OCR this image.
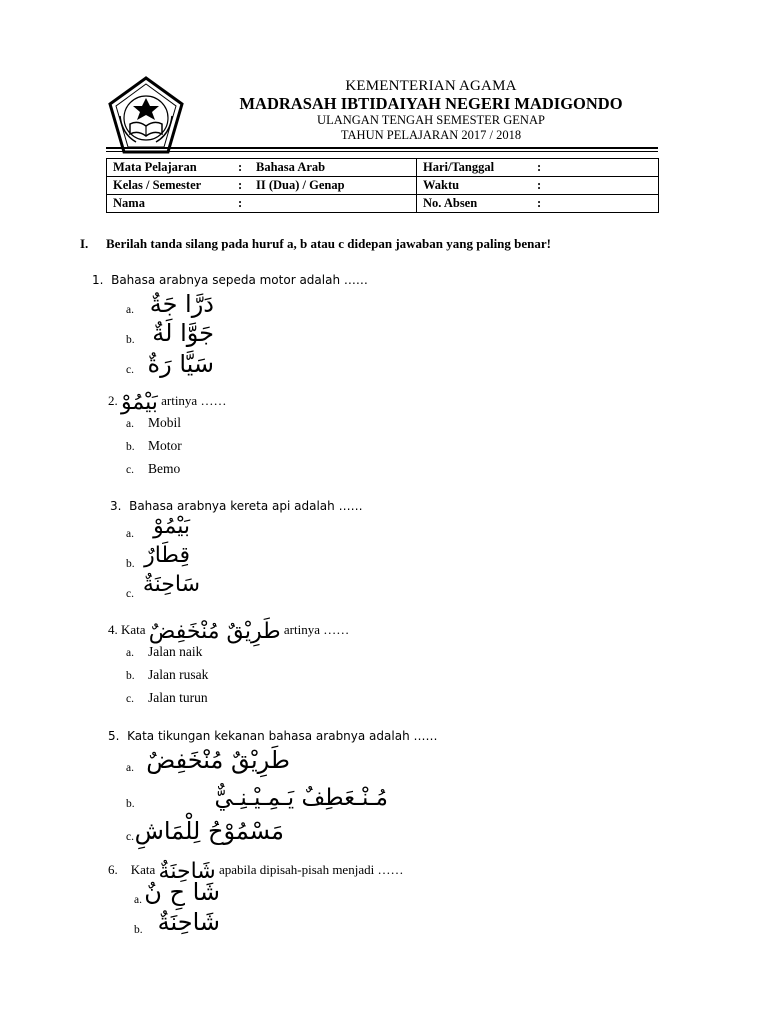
KEMENTERIAN AGAMA
MADRASAH IBTIDAIYAH NEGERI MADIGONDO
ULANGAN TENGAH SEMESTER GENAP
TAHUN PELAJARAN 2017 / 2018
Mata Pelajaran : Bahasa Arab	Hari/Tanggal :

Kelas / Semester : II (Dua) / Genap	Waktu :

Nama :	No. Absen :
I. Berilah tanda silang pada huruf a, b atau c didepan jawaban yang paling benar!
1. Bahasa arabnya sepeda motor adalah ……
a. دَرَّا جَةٌ
b. جَوَّا لَةٌ
c. سَيَّا رَةٌ
2. بَيْمُوْ artinya ……
a. Mobil
b. Motor
c. Bemo
3. Bahasa arabnya kereta api adalah ……
a. بَيْمُوْ
b. قِطَارٌ
c. سَاحِنَةٌ
4. Kata طَرِيْقٌ مُنْخَفِضٌ artinya ……
a. Jalan naik
b. Jalan rusak
c. Jalan turun
5. Kata tikungan kekanan bahasa arabnya adalah ……
a. طَرِيْقٌ مُنْخَفِضٌ
b.	مُـنْـعَطِفٌ يَـمِـيْـنِـيٌّ
c. مَسْمُوْحُ لِلْمَاشِ
6. Kata شَاحِنَةٌ apabila dipisah-pisah menjadi ……
a. شَا حِ نٌ
b. شَاحِنَةٌ
